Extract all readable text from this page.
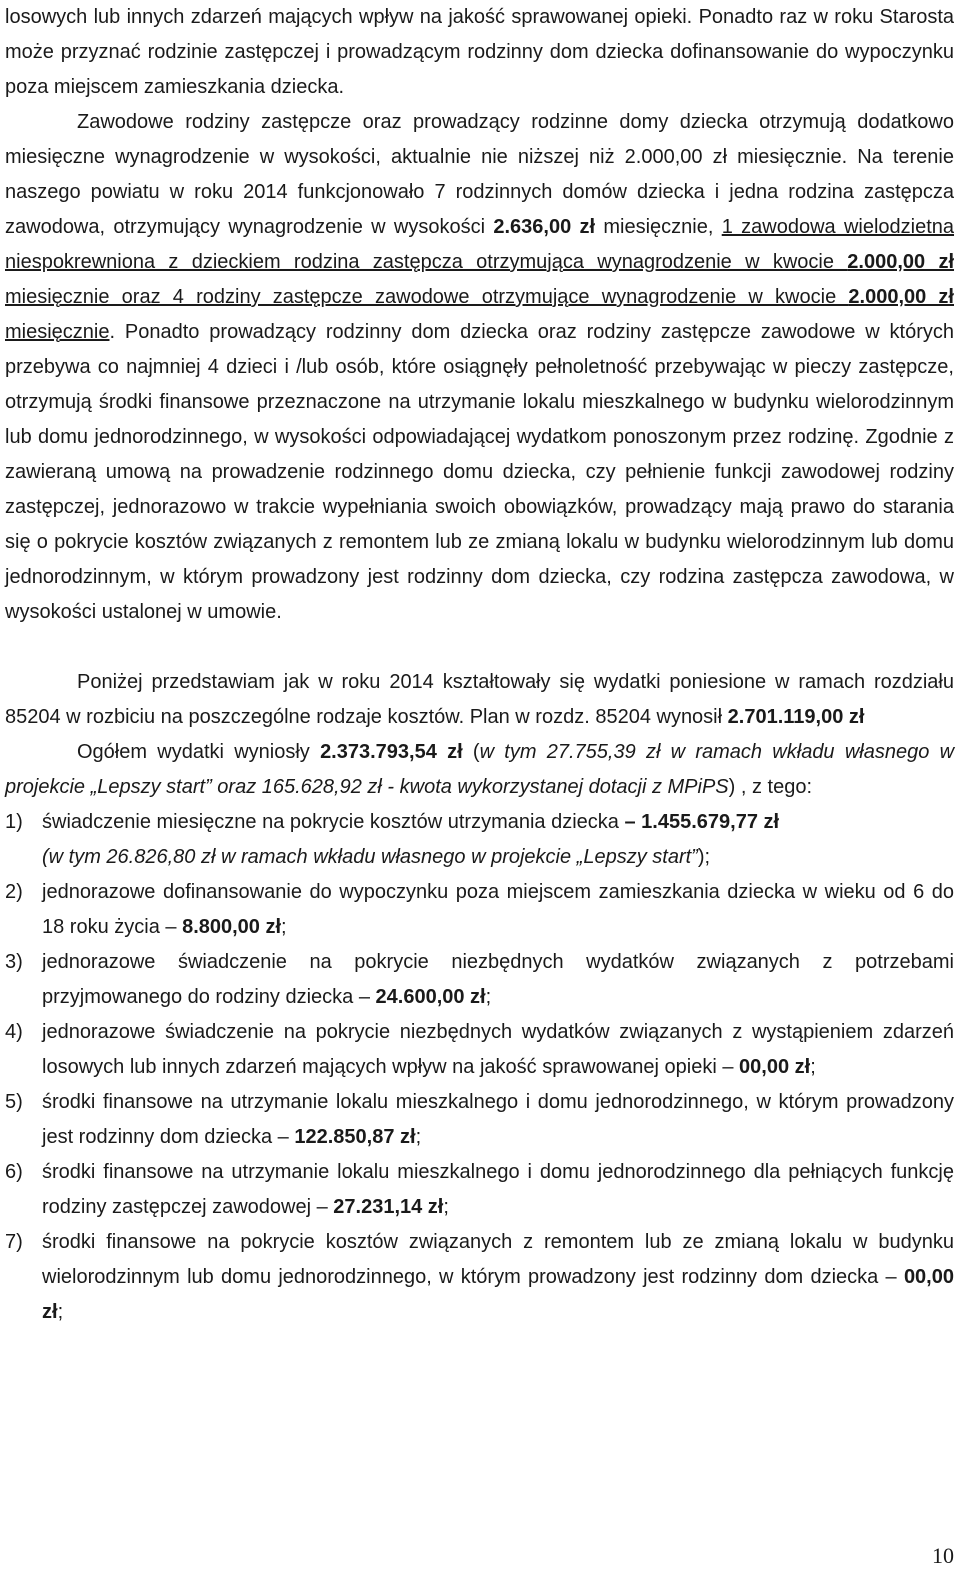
losowych lub innych zdarzeń mających wpływ na jakość sprawowanej opieki. Ponadto raz w roku Starosta może przyznać rodzinie zastępczej i prowadzącym rodzinny dom dziecka dofinansowanie do wypoczynku poza miejscem zamieszkania dziecka.

Zawodowe rodziny zastępcze oraz prowadzący rodzinne domy dziecka otrzymują dodatkowo miesięczne wynagrodzenie w wysokości, aktualnie nie niższej niż 2.000,00 zł miesięcznie. Na terenie naszego powiatu w roku 2014 funkcjonowało 7 rodzinnych domów dziecka i jedna rodzina zastępcza zawodowa, otrzymujący wynagrodzenie w wysokości 2.636,00 zł miesięcznie, 1 zawodowa wielodzietna niespokrewniona z dzieckiem rodzina zastępcza otrzymująca wynagrodzenie w kwocie 2.000,00 zł miesięcznie oraz 4 rodziny zastępcze zawodowe otrzymujące wynagrodzenie w kwocie 2.000,00 zł miesięcznie. Ponadto prowadzący rodzinny dom dziecka oraz rodziny zastępcze zawodowe w których przebywa co najmniej 4 dzieci i /lub osób, które osiągnęły pełnoletność przebywając w pieczy zastępcze, otrzymują środki finansowe przeznaczone na utrzymanie lokalu mieszkalnego w budynku wielorodzinnym lub domu jednorodzinnego, w wysokości odpowiadającej wydatkom ponoszonym przez rodzinę. Zgodnie z zawieraną umową na prowadzenie rodzinnego domu dziecka, czy pełnienie funkcji zawodowej rodziny zastępczej, jednorazowo w trakcie wypełniania swoich obowiązków, prowadzący mają prawo do starania się o pokrycie kosztów związanych z remontem lub ze zmianą lokalu w budynku wielorodzinnym lub domu jednorodzinnym, w którym prowadzony jest rodzinny dom dziecka, czy rodzina zastępcza zawodowa, w wysokości ustalonej w umowie.

Poniżej przedstawiam jak w roku 2014 kształtowały się wydatki poniesione w ramach rozdziału 85204 w rozbiciu na poszczególne rodzaje kosztów. Plan w rozdz. 85204 wynosił 2.701.119,00 zł

Ogółem wydatki wyniosły 2.373.793,54 zł (w tym 27.755,39 zł w ramach wkładu własnego w projekcie „Lepszy start” oraz 165.628,92 zł - kwota wykorzystanej dotacji z MPiPS) , z tego:

1) świadczenie miesięczne na pokrycie kosztów utrzymania dziecka – 1.455.679,77 zł
(w tym 26.826,80 zł w ramach wkładu własnego w projekcie „Lepszy start”);
2) jednorazowe dofinansowanie do wypoczynku poza miejscem zamieszkania dziecka w wieku od 6 do 18 roku życia – 8.800,00 zł;
3) jednorazowe świadczenie na pokrycie niezbędnych wydatków związanych z potrzebami przyjmowanego do rodziny dziecka – 24.600,00 zł;
4) jednorazowe świadczenie na pokrycie niezbędnych wydatków związanych z wystąpieniem zdarzeń losowych lub innych zdarzeń mających wpływ na jakość sprawowanej opieki – 00,00 zł;
5) środki finansowe na utrzymanie lokalu mieszkalnego i domu jednorodzinnego, w którym prowadzony jest rodzinny dom dziecka – 122.850,87 zł;
6) środki finansowe na utrzymanie lokalu mieszkalnego i domu jednorodzinnego dla pełniących funkcję rodziny zastępczej zawodowej – 27.231,14 zł;
7) środki finansowe na pokrycie kosztów związanych z remontem lub ze zmianą lokalu w budynku wielorodzinnym lub domu jednorodzinnego, w którym prowadzony jest rodzinny dom dziecka – 00,00 zł;
10
